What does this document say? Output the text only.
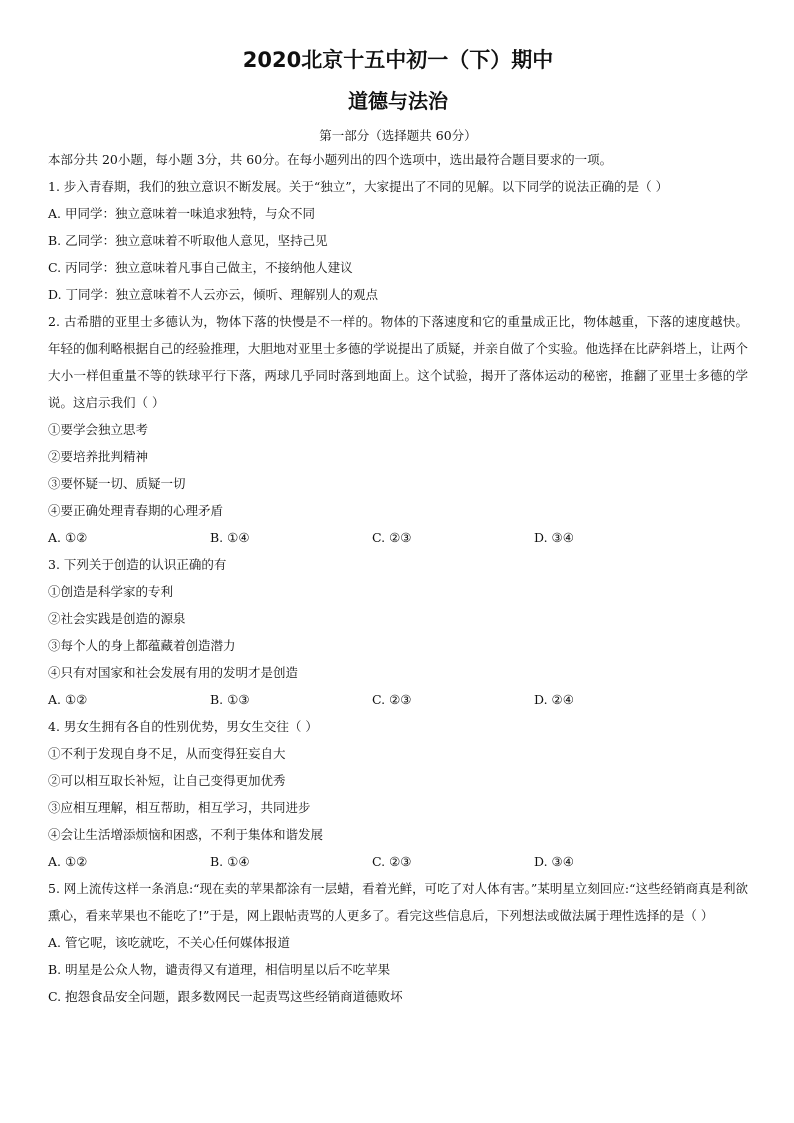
2020北京十五中初一（下）期中
道德与法治
第一部分（选择题共 60分）
本部分共 20小题，每小题 3分，共 60分。在每小题列出的四个选项中，选出最符合题目要求的一项。
1. 步入青春期，我们的独立意识不断发展。关于“独立”，大家提出了不同的见解。以下同学的说法正确的是（ ）
A. 甲同学：独立意味着一味追求独特，与众不同
B. 乙同学：独立意味着不听取他人意见，坚持己见
C. 丙同学：独立意味着凡事自己做主，不接纳他人建议
D. 丁同学：独立意味着不人云亦云，倾听、理解别人的观点
2. 古希腊的亚里士多德认为，物体下落的快慢是不一样的。物体的下落速度和它的重量成正比，物体越重，下落的速度越快。年轻的伽利略根据自己的经验推理，大胆地对亚里士多德的学说提出了质疑，并亲自做了个实验。他选择在比萨斜塔上，让两个大小一样但重量不等的铁球平行下落，两球几乎同时落到地面上。这个试验，揭开了落体运动的秘密，推翻了亚里士多德的学说。这启示我们（ ）
①要学会独立思考
②要培养批判精神
③要怀疑一切、质疑一切
④要正确处理青春期的心理矛盾
A. ①②	B. ①④	C. ②③	D. ③④
3. 下列关于创造的认识正确的有
①创造是科学家的专利
②社会实践是创造的源泉
③每个人的身上都蕴藏着创造潜力
④只有对国家和社会发展有用的发明才是创造
A. ①②	B. ①③	C. ②③	D. ②④
4. 男女生拥有各自的性别优势，男女生交往（ ）
①不利于发现自身不足，从而变得狂妄自大
②可以相互取长补短，让自己变得更加优秀
③应相互理解，相互帮助，相互学习，共同进步
④会让生活增添烦恼和困惑，不利于集体和谐发展
A. ①②	B. ①④	C. ②③	D. ③④
5. 网上流传这样一条消息:“现在卖的苹果都涂有一层蜡，看着光鲜，可吃了对人体有害。”某明星立刻回应:“这些经销商真是利欲熏心，看来苹果也不能吃了!”于是，网上跟帖责骂的人更多了。看完这些信息后，下列想法或做法属于理性选择的是（ ）
A. 管它呢，该吃就吃，不关心任何媒体报道
B. 明星是公众人物，谴责得又有道理，相信明星以后不吃苹果
C. 抱怨食品安全问题，跟多数网民一起责骂这些经销商道德败坏
